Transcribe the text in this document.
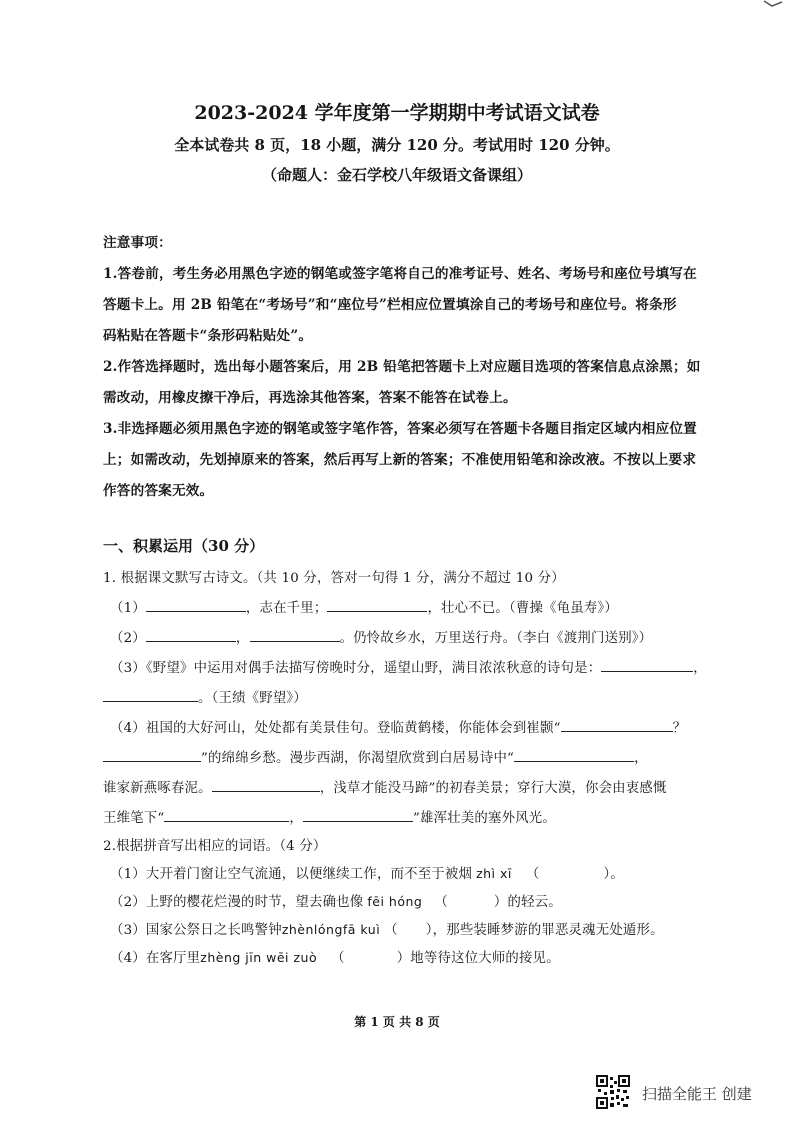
2023-2024 学年度第一学期期中考试语文试卷
全本试卷共 8 页，18 小题，满分 120 分。考试用时 120 分钟。
（命题人：金石学校八年级语文备课组）
注意事项：
1.答卷前，考生务必用黑色字迹的钢笔或签字笔将自己的准考证号、姓名、考场号和座位号填写在
答题卡上。用 2B 铅笔在“考场号”和“座位号”栏相应位置填涂自己的考场号和座位号。将条形
码粘贴在答题卡“条形码粘贴处”。
2.作答选择题时，选出每小题答案后，用 2B 铅笔把答题卡上对应题目选项的答案信息点涂黑；如
需改动，用橡皮擦干净后，再选涂其他答案，答案不能答在试卷上。
3.非选择题必须用黑色字迹的钢笔或签字笔作答，答案必须写在答题卡各题目指定区域内相应位置
上；如需改动，先划掉原来的答案，然后再写上新的答案；不准使用铅笔和涂改液。不按以上要求
作答的答案无效。
一、积累运用（30 分）
1. 根据课文默写古诗文。（共 10 分，答对一句得 1 分，满分不超过 10 分）
（1）	，志在千里；	，壮心不已。（曹操《龟虽寿》）
（2）	，	。仍怜故乡水，万里送行舟。（李白《渡荆门送别》）
（3）《野望》中运用对偶手法描写傍晚时分，遥望山野，满目浓浓秋意的诗句是：	，
。（王绩《野望》）
（4）祖国的大好河山，处处都有美景佳句。登临黄鹤楼，你能体会到崔颢“	？
”的绵绵乡愁。漫步西湖，你渴望欣赏到白居易诗中“	，
谁家新燕啄春泥。	，浅草才能没马蹄”的初春美景；穿行大漠，你会由衷感慨
王维笔下“	，	”雄浑壮美的塞外风光。
2.根据拼音写出相应的词语。（4 分）
（1）大开着门窗让空气流通，以便继续工作，而不至于被烟 zhì xī （	）。
（2）上野的樱花烂漫的时节，望去确也像 fēi hóng （	）的轻云。
（3）国家公祭日之长鸣警钟zhènlóngfā kuì （ ），那些装睡梦游的罪恶灵魂无处遁形。
（4）在客厅里zhèng jīn wēi zuò （	）地等待这位大师的接见。
第 1 页 共 8 页
扫描全能王 创建
